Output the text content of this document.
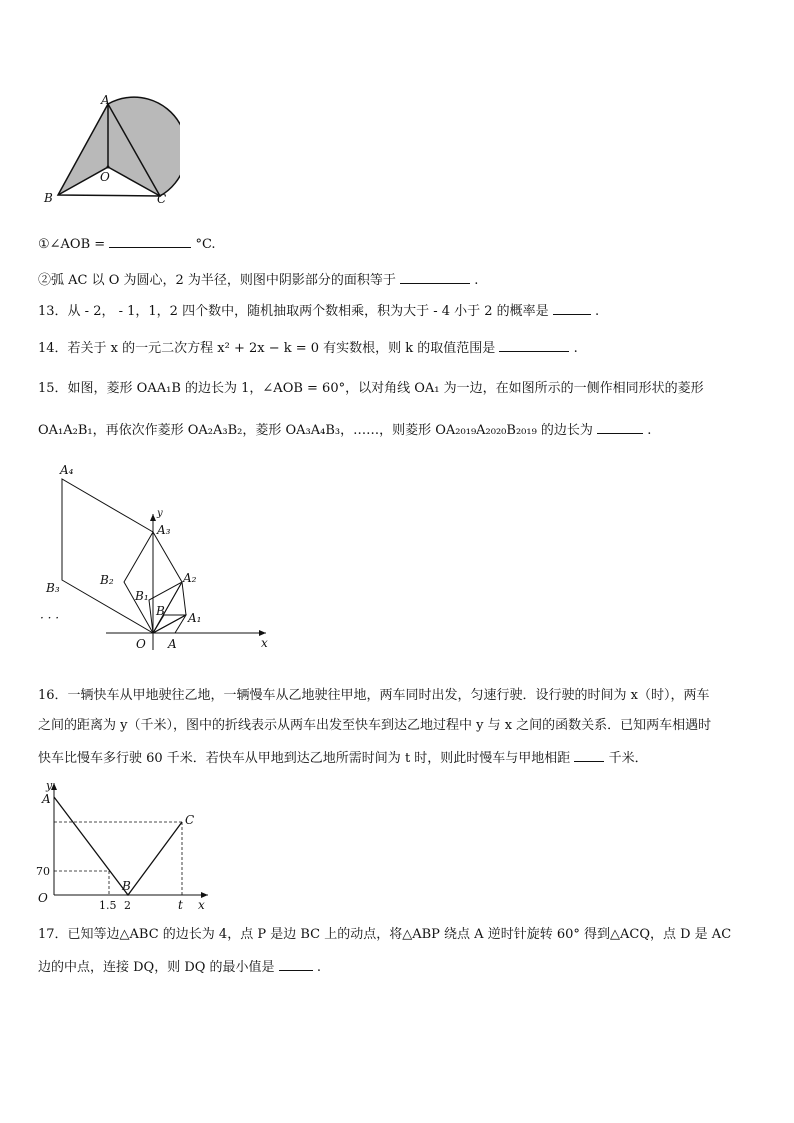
A
B	C
O
①∠AOB =	°C.
②弧 AC 以 O 为圆心，2 为半径，则图中阴影部分的面积等于	.
13．从 - 2， - 1，1，2 四个数中，随机抽取两个数相乘，积为大于 - 4 小于 2 的概率是	.
14．若关于 x 的一元二次方程 x² + 2x − k = 0 有实数根，则 k 的取值范围是	.
15．如图，菱形 OAA₁B 的边长为 1，∠AOB = 60°，以对角线 OA₁ 为一边，在如图所示的一侧作相同形状的菱形
OA₁A₂B₁，再依次作菱形 OA₂A₃B₂，菱形 OA₃A₄B₃，……，则菱形 OA₂₀₁₉A₂₀₂₀B₂₀₁₉ 的边长为	.
A₄
y
A₃
A₂
B₂
B₃
B₁
B A₁
· · ·
O A	x
16．一辆快车从甲地驶往乙地，一辆慢车从乙地驶往甲地，两车同时出发，匀速行驶．设行驶的时间为 x（时），两车
之间的距离为 y（千米），图中的折线表示从两车出发至快车到达乙地过程中 y 与 x 之间的函数关系．已知两车相遇时
快车比慢车多行驶 60 千米．若快车从甲地到达乙地所需时间为 t 时，则此时慢车与甲地相距	千米．
y
A
C
B
70
O
1.5 2	t x
17．已知等边△ABC 的边长为 4，点 P 是边 BC 上的动点，将△ABP 绕点 A 逆时针旋转 60° 得到△ACQ，点 D 是 AC
边的中点，连接 DQ，则 DQ 的最小值是	.
